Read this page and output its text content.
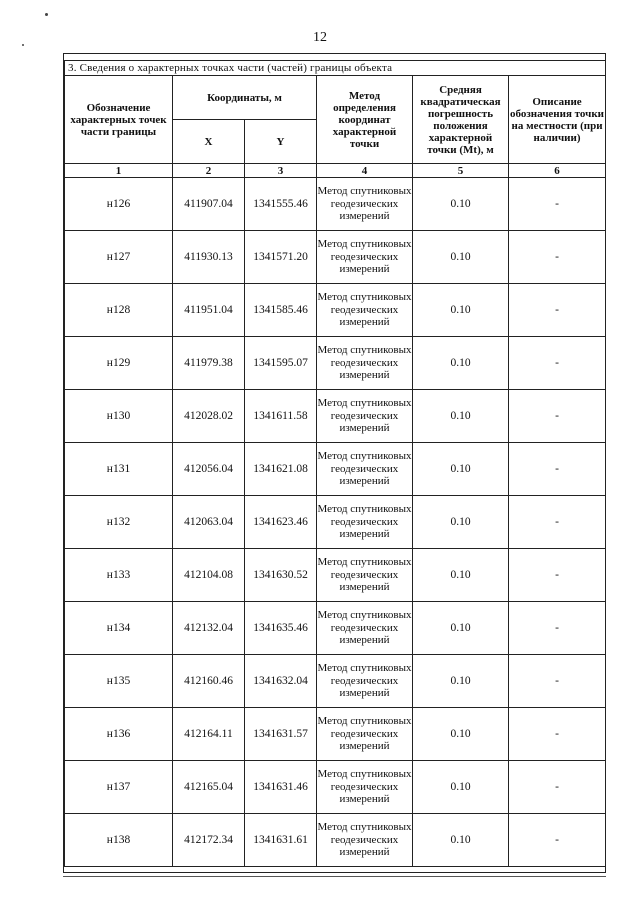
12
3. Сведения о характерных точках части (частей) границы объекта					
Обозначение характерных точек части границы	Координаты, м		Метод определения координат характерной точки	Средняя квадратическая погрешность положения характерной точки (Mt), м	Описание обозначения точки на местности (при наличии)
	X	Y			
1	2	3	4	5	6
н126	411907.04	1341555.46	Метод спутниковых геодезических измерений	0.10	-
н127	411930.13	1341571.20	Метод спутниковых геодезических измерений	0.10	-
н128	411951.04	1341585.46	Метод спутниковых геодезических измерений	0.10	-
н129	411979.38	1341595.07	Метод спутниковых геодезических измерений	0.10	-
н130	412028.02	1341611.58	Метод спутниковых геодезических измерений	0.10	-
н131	412056.04	1341621.08	Метод спутниковых геодезических измерений	0.10	-
н132	412063.04	1341623.46	Метод спутниковых геодезических измерений	0.10	-
н133	412104.08	1341630.52	Метод спутниковых геодезических измерений	0.10	-
н134	412132.04	1341635.46	Метод спутниковых геодезических измерений	0.10	-
н135	412160.46	1341632.04	Метод спутниковых геодезических измерений	0.10	-
н136	412164.11	1341631.57	Метод спутниковых геодезических измерений	0.10	-
н137	412165.04	1341631.46	Метод спутниковых геодезических измерений	0.10	-
н138	412172.34	1341631.61	Метод спутниковых геодезических измерений	0.10	-
